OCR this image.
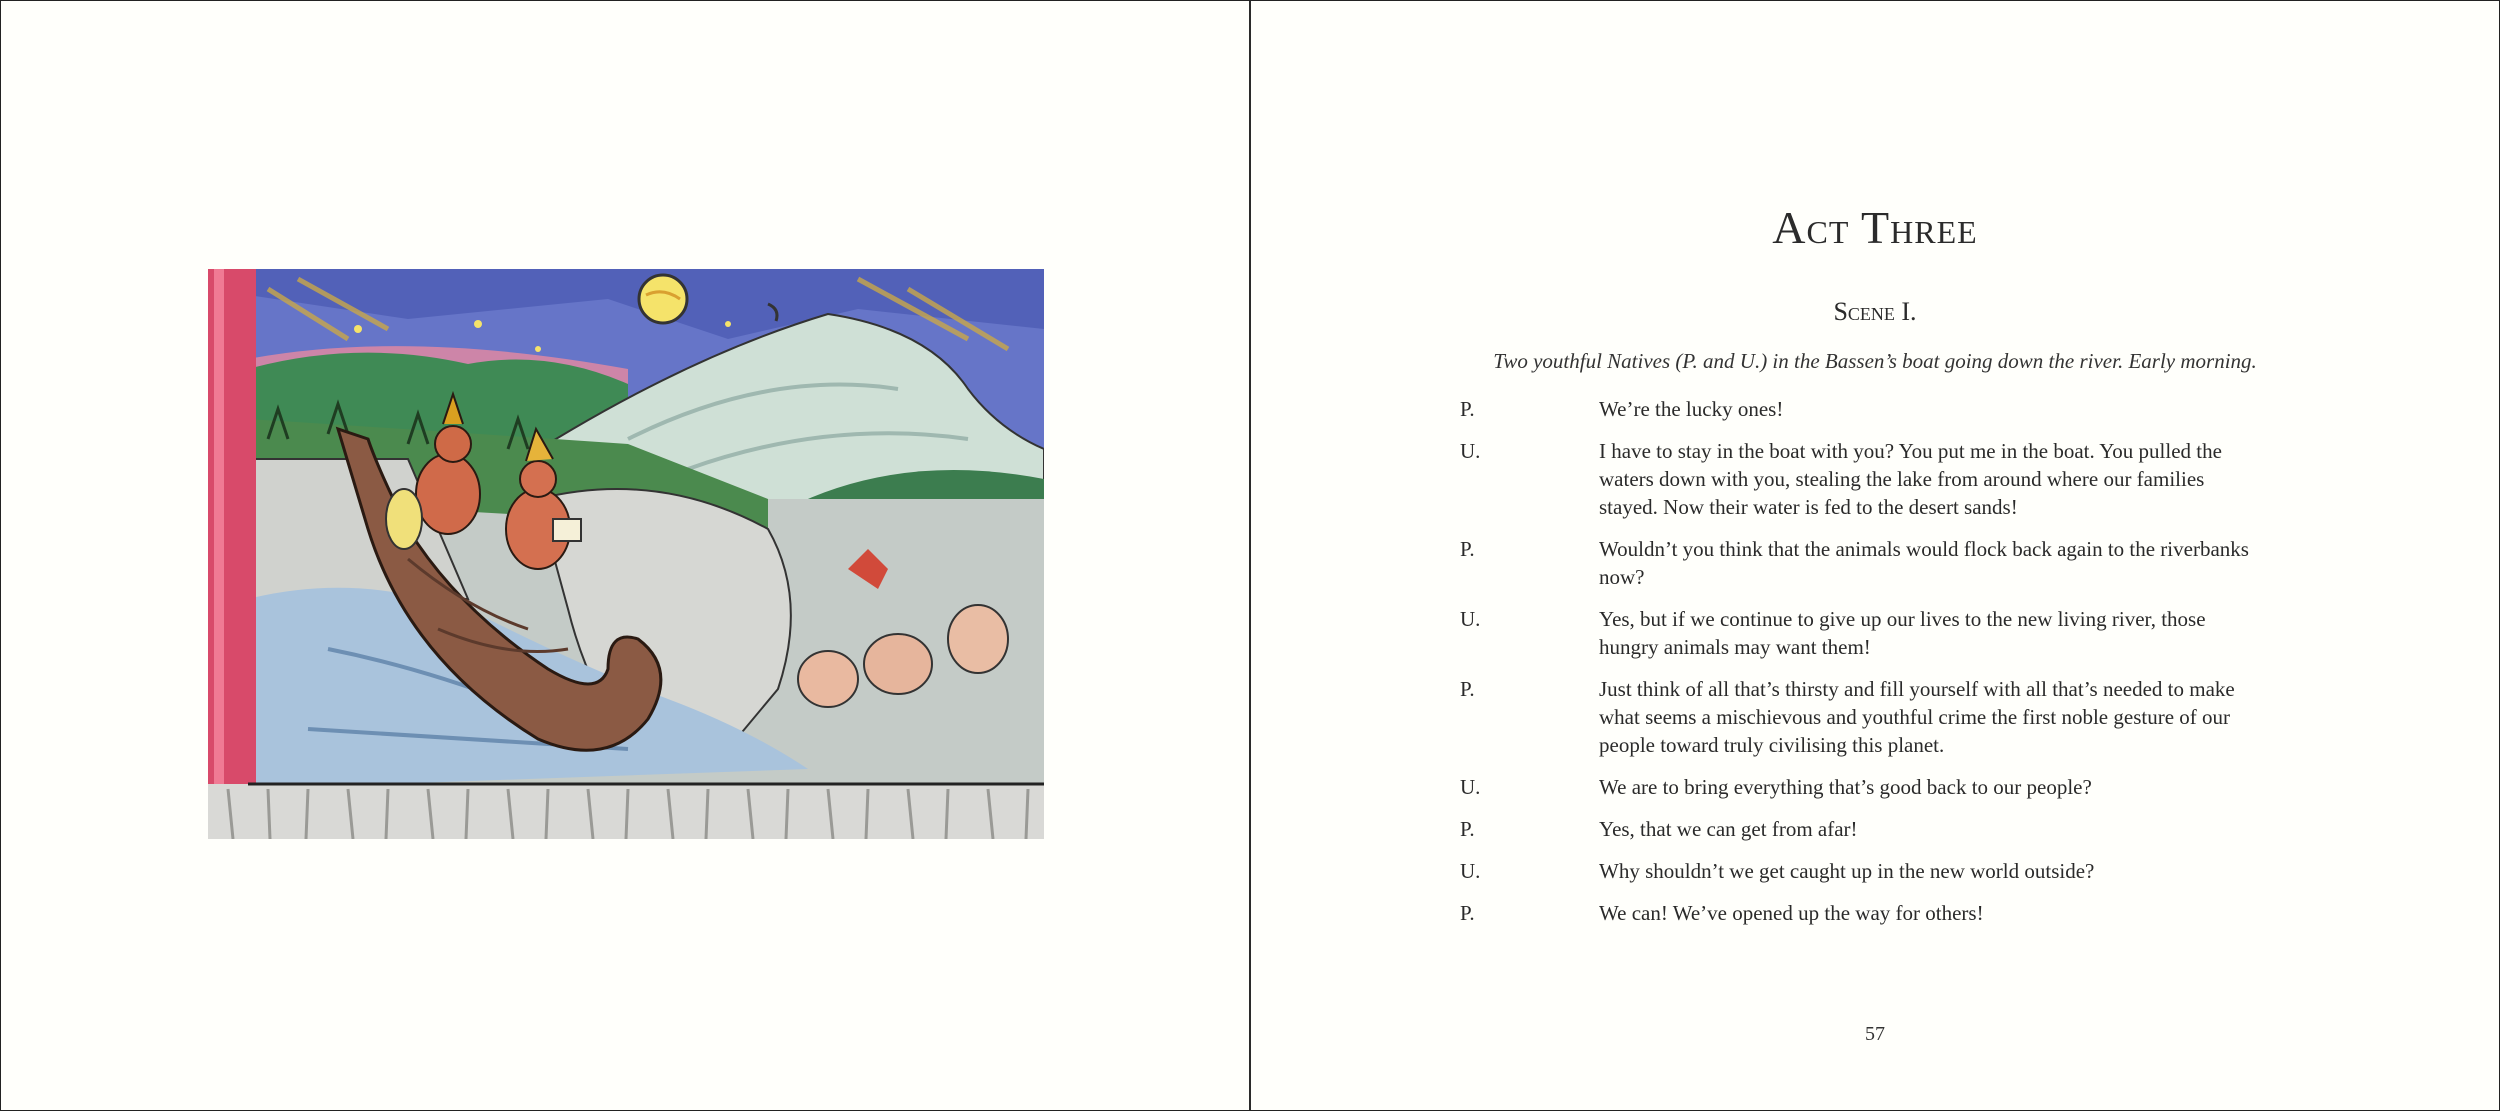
Act Three
Scene I.
Two youthful Natives (P. and U.) in the Bassen’s boat going down the river. Early morning.
P.	We’re the lucky ones!
U.	I have to stay in the boat with you? You put me in the boat. You pulled the waters down with you, stealing the lake from around where our families stayed. Now their water is fed to the desert sands!
P.	Wouldn’t you think that the animals would flock back again to the riverbanks now?
U.	Yes, but if we continue to give up our lives to the new living river, those hungry animals may want them!
P.	Just think of all that’s thirsty and fill yourself with all that’s needed to make what seems a mischievous and youthful crime the first noble gesture of our people toward truly civilising this planet.
U.	We are to bring everything that’s good back to our people?
P.	Yes, that we can get from afar!
U.	Why shouldn’t we get caught up in the new world outside?
P.	We can! We’ve opened up the way for others!
57
